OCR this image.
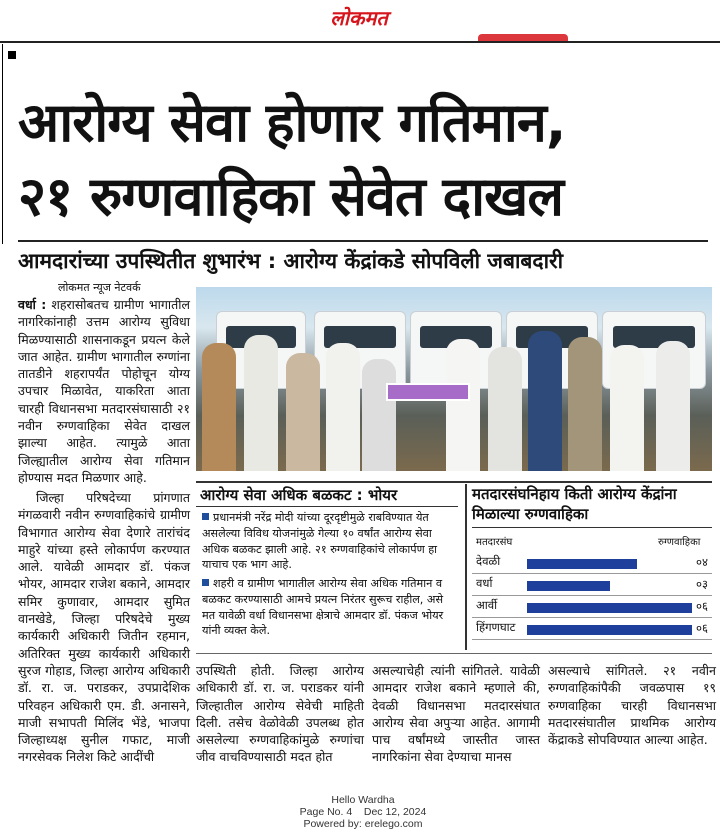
लोकमत
आरोग्य सेवा होणार गतिमान,
२१ रुग्णवाहिका सेवेत दाखल
आमदारांच्या उपस्थितीत शुभारंभ : आरोग्य केंद्रांकडे सोपविली जबाबदारी
लोकमत न्यूज नेटवर्क
वर्धा : शहरासोबतच ग्रामीण भागातील नागरिकांनाही उत्तम आरोग्य सुविधा मिळण्यासाठी शासनाकडून प्रयत्न केले जात आहेत. ग्रामीण भागातील रुग्णांना तातडीने शहरापर्यंत पोहोचून योग्य उपचार मिळावेत, याकरिता आता चारही विधानसभा मतदारसंघासाठी २१ नवीन रुग्णवाहिका सेवेत दाखल झाल्या आहेत. त्यामुळे आता जिल्ह्यातील आरोग्य सेवा गतिमान होण्यास मदत मिळणार आहे.
जिल्हा परिषदेच्या प्रांगणात मंगळवारी नवीन रुग्णवाहिकांचे ग्रामीण विभागात आरोग्य सेवा देणारे तारांचंद माहुरे यांच्या हस्ते लोकार्पण करण्यात आले. यावेळी आमदार डॉ. पंकज भोयर, आमदार राजेश बकाने, आमदार समिर कुणावार, आमदार सुमित वानखेडे, जिल्हा परिषदेचे मुख्य कार्यकारी अधिकारी जितीन रहमान, अतिरिक्त मुख्य कार्यकारी अधिकारी सुरज गोहाड, जिल्हा आरोग्य अधिकारी डॉ. रा. ज. पराडकर, उपप्रादेशिक परिवहन अधिकारी एम. डी. अनासने, माजी सभापती मिलिंद भेंडे, भाजपा जिल्हाध्यक्ष सुनील गफाट, माजी नगरसेवक निलेश किटे आदींची
आरोग्य सेवा अधिक बळकट : भोयर
प्रधानमंत्री नरेंद्र मोदी यांच्या दूरदृष्टीमुळे राबविण्यात येत असलेल्या विविध योजनांमुळे गेल्या १० वर्षांत आरोग्य सेवा अधिक बळकट झाली आहे. २१ रुग्णवाहिकांचे लोकार्पण हा याचाच एक भाग आहे.
शहरी व ग्रामीण भागातील आरोग्य सेवा अधिक गतिमान व बळकट करण्यासाठी आमचे प्रयत्न निरंतर सुरूच राहील, असे मत यावेळी वर्धा विधानसभा क्षेत्राचे आमदार डॉ. पंकज भोयर यांनी व्यक्त केले.
मतदारसंघनिहाय किती आरोग्य केंद्रांना मिळाल्या रुग्णवाहिका
मतदारसंघ	रुग्णवाहिका
देवळी	०४
वर्धा	०३
आर्वी	०६
हिंगणघाट	०६
उपस्थिती होती. जिल्हा आरोग्य अधिकारी डॉ. रा. ज. पराडकर यांनी जिल्हातील आरोग्य सेवेची माहिती दिली. तसेच वेळोवेळी उपलब्ध होत असलेल्या रुग्णवाहिकांमुळे रुग्णांचा जीव वाचविण्यासाठी मदत होत
असल्याचेही त्यांनी सांगितले. यावेळी आमदार राजेश बकाने म्हणाले की, देवळी विधानसभा मतदारसंघात आरोग्य सेवा अपुऱ्या आहेत. आगामी पाच वर्षांमध्ये जास्तीत जास्त नागरिकांना सेवा देण्याचा मानस
असल्याचे सांगितले. २१ नवीन रुग्णवाहिकांपैकी जवळपास १९ रुग्णवाहिका चारही विधानसभा मतदारसंघातील प्राथमिक आरोग्य केंद्राकडे सोपविण्यात आल्या आहेत.
Hello Wardha
Page No. 4    Dec 12, 2024
Powered by: erelego.com
